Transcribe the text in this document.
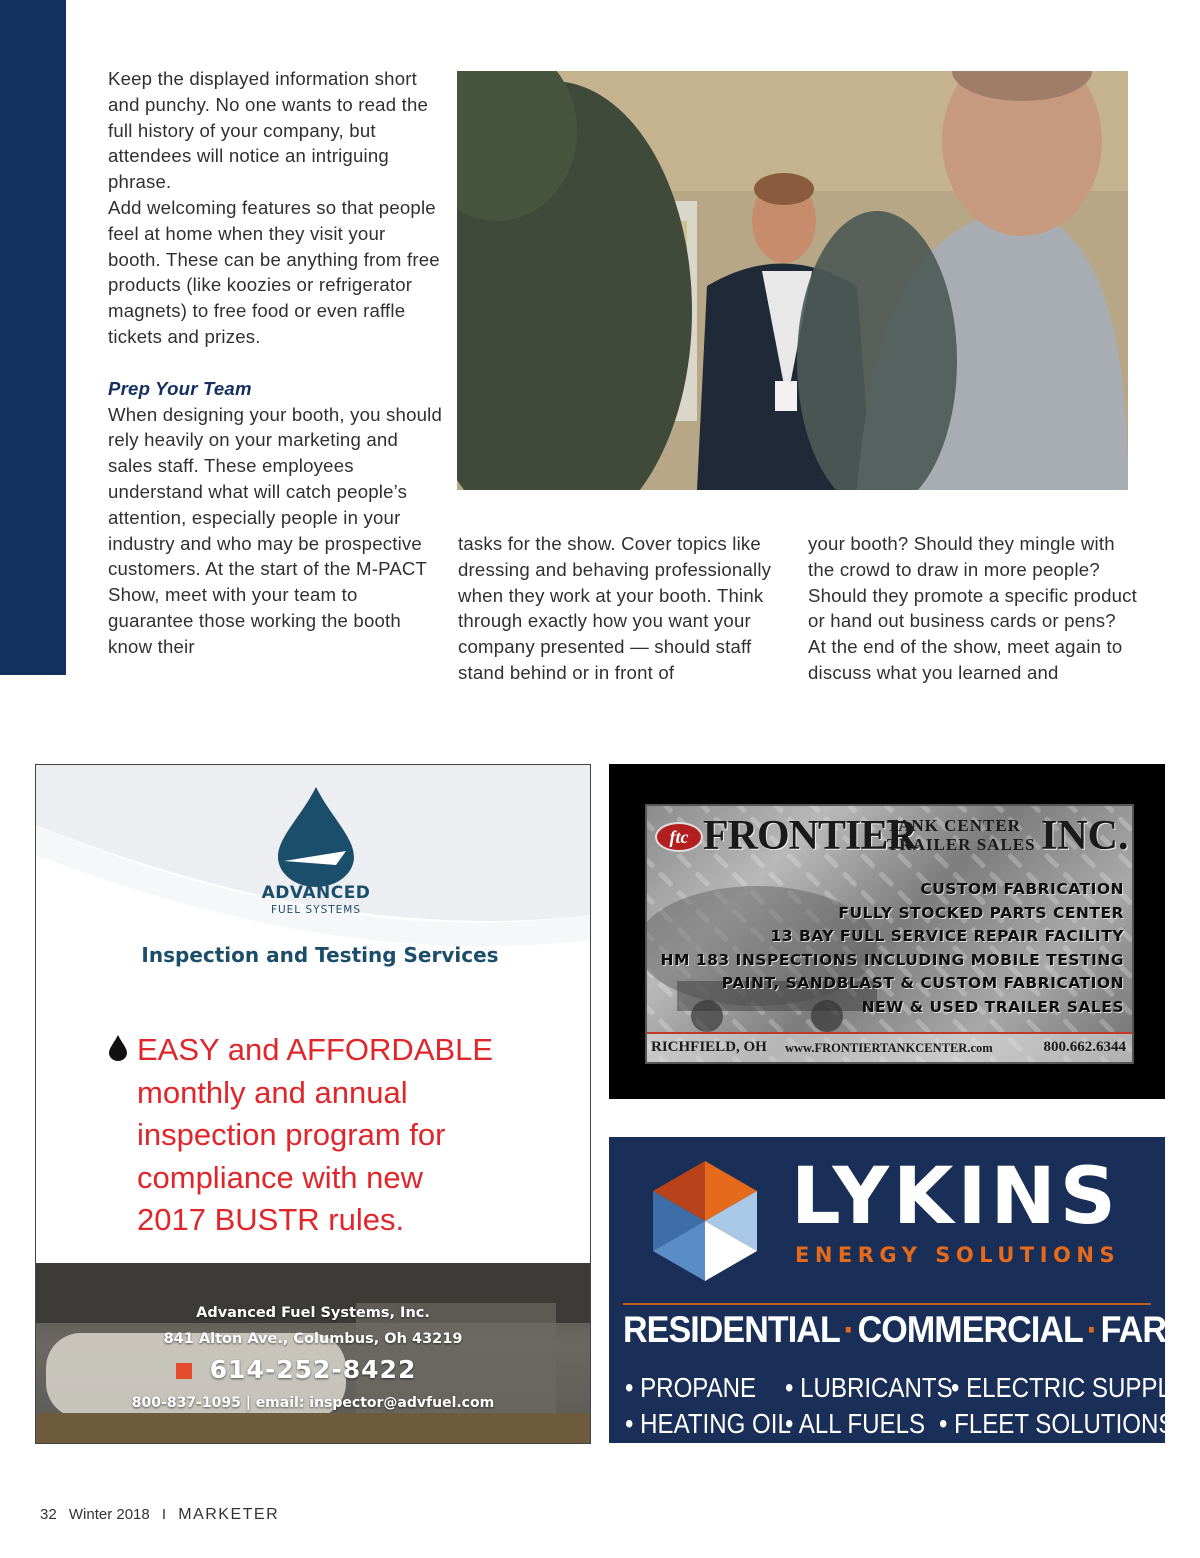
M-PACT 2018

Keep the displayed information short and punchy. No one wants to read the full history of your company, but attendees will notice an intriguing phrase.

Add welcoming features so that people feel at home when they visit your booth. These can be anything from free products (like koozies or refrigerator magnets) to free food or even raffle tickets and prizes.

Prep Your Team

When designing your booth, you should rely heavily on your marketing and sales staff. These employees understand what will catch people’s attention, especially people in your industry and who may be prospective customers. At the start of the M-PACT Show, meet with your team to guarantee those working the booth know their

tasks for the show. Cover topics like dressing and behaving professionally when they work at your booth. Think through exactly how you want your company presented — should staff stand behind or in front of

your booth? Should they mingle with the crowd to draw in more people? Should they promote a specific product or hand out business cards or pens? At the end of the show, meet again to discuss what you learned and

ADVANCED
FUEL SYSTEMS
Inspection and Testing Services
EASY and AFFORDABLE
monthly and annual
inspection program for
compliance with new
2017 BUSTR rules.
Advanced Fuel Systems, Inc.
841 Alton Ave., Columbus, Oh 43219
614-252-8422
800-837-1095 | email: inspector@advfuel.com
ftc FRONTIER
TANK CENTER
TRAILER SALES INC.
CUSTOM FABRICATION
FULLY STOCKED PARTS CENTER
13 BAY FULL SERVICE REPAIR FACILITY
HM 183 INSPECTIONS INCLUDING MOBILE TESTING
PAINT, SANDBLAST & CUSTOM FABRICATION
NEW & USED TRAILER SALES
RICHFIELD, OH www.FRONTIERTANKCENTER.com	800.662.6344
LYKINS
ENERGY SOLUTIONS
RESIDENTIAL·COMMERCIAL·FARM
• PROPANE • LUBRICANTS
• ELECTRIC SUPPLY
• HEATING OIL
• ALL FUELS • FLEET SOLUTIONS
32 Winter 2018 I MARKETER
